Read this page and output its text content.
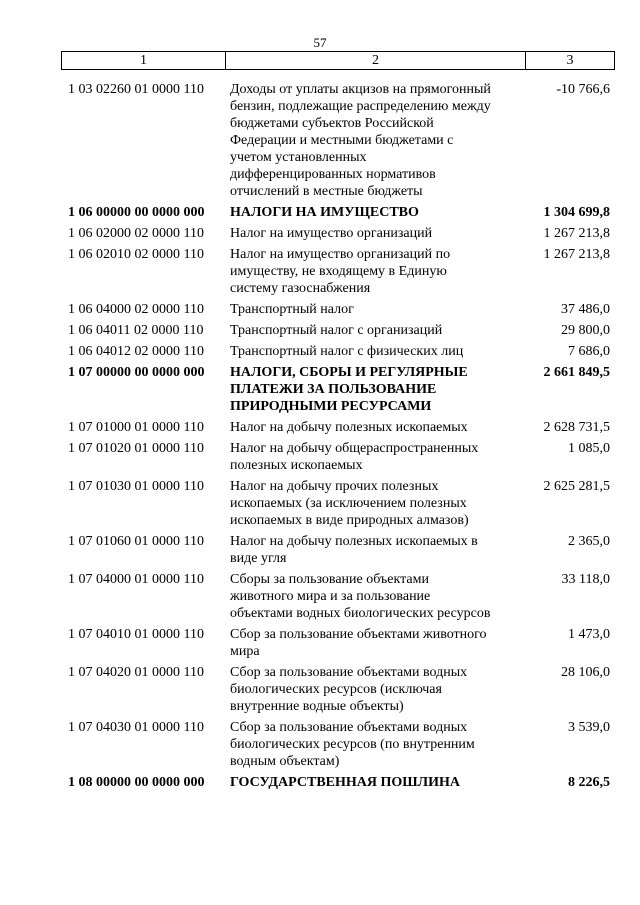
57
1	2	3
1 03 02260 01 0000 110	Доходы от уплаты акцизов на прямогонный бензин, подлежащие распределению между бюджетами субъектов Российской Федерации и местными бюджетами с учетом установленных дифференцированных нормативов отчислений в местные бюджеты
-10 766,6
1 06 00000 00 0000 000	НАЛОГИ НА ИМУЩЕСТВО	1 304 699,8
1 06 02000 02 0000 110	Налог на имущество организаций	1 267 213,8
1 06 02010 02 0000 110	Налог на имущество организаций по имуществу, не входящему в Единую систему газоснабжения
1 267 213,8
1 06 04000 02 0000 110	Транспортный налог	37 486,0
1 06 04011 02 0000 110	Транспортный налог с организаций	29 800,0
1 06 04012 02 0000 110	Транспортный налог с физических лиц	7 686,0
1 07 00000 00 0000 000	НАЛОГИ, СБОРЫ И РЕГУЛЯРНЫЕ ПЛАТЕЖИ ЗА ПОЛЬЗОВАНИЕ ПРИРОДНЫМИ РЕСУРСАМИ
2 661 849,5
1 07 01000 01 0000 110	Налог на добычу полезных ископаемых	2 628 731,5
1 07 01020 01 0000 110	Налог на добычу общераспространенных полезных ископаемых
1 085,0
1 07 01030 01 0000 110	Налог на добычу прочих полезных ископаемых (за исключением полезных ископаемых в виде природных алмазов)
2 625 281,5
1 07 01060 01 0000 110	Налог на добычу полезных ископаемых в виде угля
2 365,0
1 07 04000 01 0000 110	Сборы за пользование объектами животного мира и за пользование объектами водных биологических ресурсов
33 118,0
1 07 04010 01 0000 110	Сбор за пользование объектами животного мира
1 473,0
1 07 04020 01 0000 110	Сбор за пользование объектами водных биологических ресурсов (исключая внутренние водные объекты)
28 106,0
1 07 04030 01 0000 110	Сбор за пользование объектами водных биологических ресурсов (по внутренним водным объектам)
3 539,0
1 08 00000 00 0000 000	ГОСУДАРСТВЕННАЯ ПОШЛИНА	8 226,5
